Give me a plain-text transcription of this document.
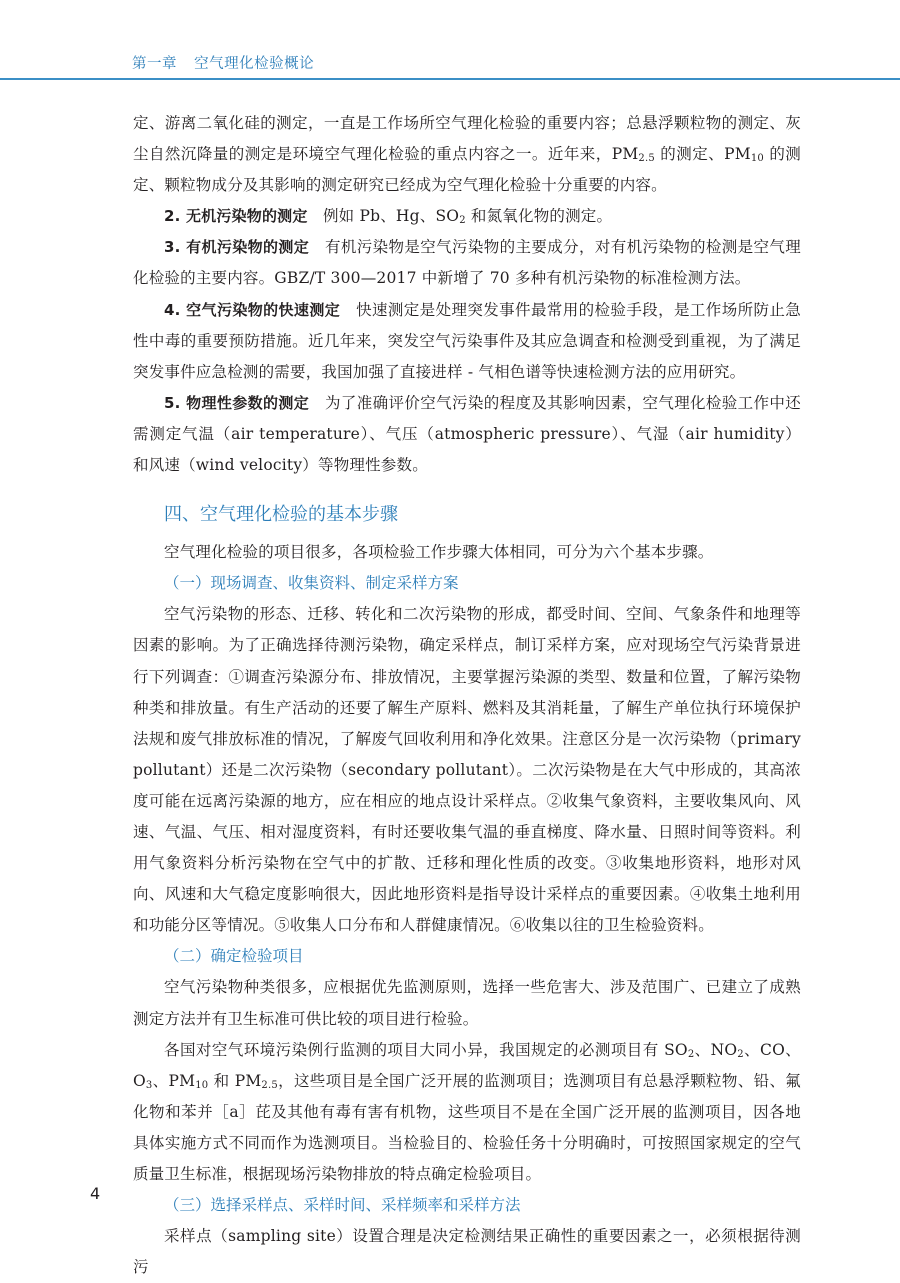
第一章 空气理化检验概论

定、游离二氧化硅的测定，一直是工作场所空气理化检验的重要内容；总悬浮颗粒物的测定、灰尘自然沉降量的测定是环境空气理化检验的重点内容之一。近年来，$PM_{2.5}$ 的测定、$PM_{10}$ 的测定、颗粒物成分及其影响的测定研究已经成为空气理化检验十分重要的内容。

2. 无机污染物的测定 例如 Pb、Hg、$SO_2$ 和氮氧化物的测定。

3. 有机污染物的测定 有机污染物是空气污染物的主要成分，对有机污染物的检测是空气理化检验的主要内容。GBZ/T 300—2017 中新增了 70 多种有机污染物的标准检测方法。

4. 空气污染物的快速测定 快速测定是处理突发事件最常用的检验手段，是工作场所防止急性中毒的重要预防措施。近几年来，突发空气污染事件及其应急调查和检测受到重视，为了满足突发事件应急检测的需要，我国加强了直接进样 - 气相色谱等快速检测方法的应用研究。

5. 物理性参数的测定 为了准确评价空气污染的程度及其影响因素，空气理化检验工作中还需测定气温（air temperature）、气压（atmospheric pressure）、气湿（air humidity）和风速（wind velocity）等物理性参数。

四、空气理化检验的基本步骤

空气理化检验的项目很多，各项检验工作步骤大体相同，可分为六个基本步骤。

（一）现场调查、收集资料、制定采样方案

空气污染物的形态、迁移、转化和二次污染物的形成，都受时间、空间、气象条件和地理等因素的影响。为了正确选择待测污染物，确定采样点，制订采样方案，应对现场空气污染背景进行下列调查：①调查污染源分布、排放情况，主要掌握污染源的类型、数量和位置，了解污染物种类和排放量。有生产活动的还要了解生产原料、燃料及其消耗量，了解生产单位执行环境保护法规和废气排放标准的情况，了解废气回收利用和净化效果。注意区分是一次污染物（primary pollutant）还是二次污染物（secondary pollutant）。二次污染物是在大气中形成的，其高浓度可能在远离污染源的地方，应在相应的地点设计采样点。②收集气象资料，主要收集风向、风速、气温、气压、相对湿度资料，有时还要收集气温的垂直梯度、降水量、日照时间等资料。利用气象资料分析污染物在空气中的扩散、迁移和理化性质的改变。③收集地形资料，地形对风向、风速和大气稳定度影响很大，因此地形资料是指导设计采样点的重要因素。④收集土地利用和功能分区等情况。⑤收集人口分布和人群健康情况。⑥收集以往的卫生检验资料。

（二）确定检验项目

空气污染物种类很多，应根据优先监测原则，选择一些危害大、涉及范围广、已建立了成熟测定方法并有卫生标准可供比较的项目进行检验。

各国对空气环境污染例行监测的项目大同小异，我国规定的必测项目有 $SO_2$、$NO_2$、CO、$O_3$、$PM_{10}$ 和 $PM_{2.5}$，这些项目是全国广泛开展的监测项目；选测项目有总悬浮颗粒物、铅、氟化物和苯并［a］芘及其他有毒有害有机物，这些项目不是在全国广泛开展的监测项目，因各地具体实施方式不同而作为选测项目。当检验目的、检验任务十分明确时，可按照国家规定的空气质量卫生标准，根据现场污染物排放的特点确定检验项目。

（三）选择采样点、采样时间、采样频率和采样方法

采样点（sampling site）设置合理是决定检测结果正确性的重要因素之一，必须根据待测污

4
